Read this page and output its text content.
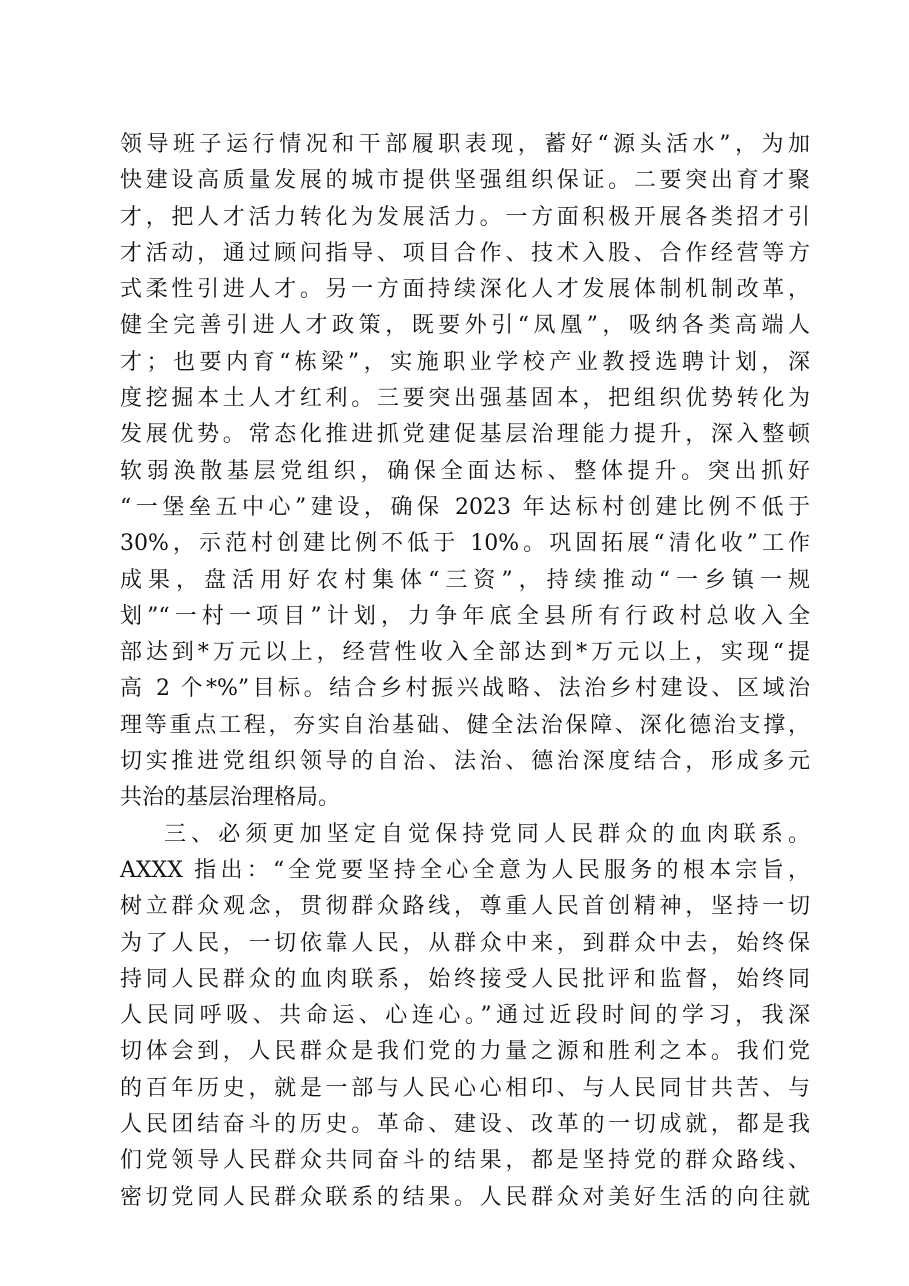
领导班子运行情况和干部履职表现，蓄好“源头活水”，为加
快建设高质量发展的城市提供坚强组织保证。二要突出育才聚
才，把人才活力转化为发展活力。一方面积极开展各类招才引
才活动，通过顾问指导、项目合作、技术入股、合作经营等方
式柔性引进人才。另一方面持续深化人才发展体制机制改革，
健全完善引进人才政策，既要外引“凤凰”，吸纳各类高端人
才；也要内育“栋梁”，实施职业学校产业教授选聘计划，深
度挖掘本土人才红利。三要突出强基固本，把组织优势转化为
发展优势。常态化推进抓党建促基层治理能力提升，深入整顿
软弱涣散基层党组织，确保全面达标、整体提升。突出抓好
“一堡垒五中心”建设，确保 2023 年达标村创建比例不低于
30%，示范村创建比例不低于 10%。巩固拓展“清化收”工作
成果，盘活用好农村集体“三资”，持续推动“一乡镇一规
划”“一村一项目”计划，力争年底全县所有行政村总收入全
部达到*万元以上，经营性收入全部达到*万元以上，实现“提
高 2 个*%”目标。结合乡村振兴战略、法治乡村建设、区域治
理等重点工程，夯实自治基础、健全法治保障、深化德治支撑，
切实推进党组织领导的自治、法治、德治深度结合，形成多元
共治的基层治理格局。
三、必须更加坚定自觉保持党同人民群众的血肉联系。
AXXX 指出：“全党要坚持全心全意为人民服务的根本宗旨，
树立群众观念，贯彻群众路线，尊重人民首创精神，坚持一切
为了人民，一切依靠人民，从群众中来，到群众中去，始终保
持同人民群众的血肉联系，始终接受人民批评和监督，始终同
人民同呼吸、共命运、心连心。”通过近段时间的学习，我深
切体会到，人民群众是我们党的力量之源和胜利之本。我们党
的百年历史，就是一部与人民心心相印、与人民同甘共苦、与
人民团结奋斗的历史。革命、建设、改革的一切成就，都是我
们党领导人民群众共同奋斗的结果，都是坚持党的群众路线、
密切党同人民群众联系的结果。人民群众对美好生活的向往就
